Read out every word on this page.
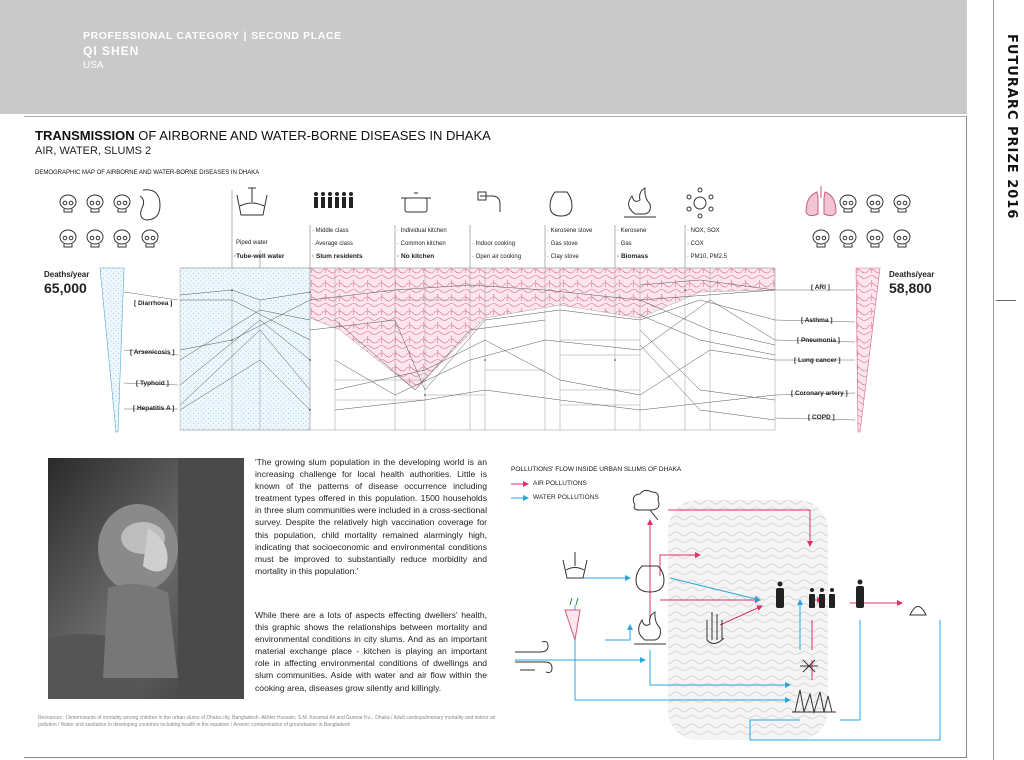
PROFESSIONAL CATEGORY | SECOND PLACE
QI SHEN
USA	FUTURARC PRIZE 2016
TRANSMISSION OF AIRBORNE AND WATER-BORNE DISEASES IN DHAKA
AIR, WATER, SLUMS 2
DEMOGRAPHIC MAP OF AIRBORNE AND WATER-BORNE DISEASES IN DHAKA
'The growing slum population in the developing world is an increasing challenge for local health authorities. Little is known of the patterns of disease occurrence including treatment types offered in this population. 1500 households in three slum communities were included in a cross-sectional survey. Despite the relatively high vaccination coverage for this population, child mortality remained alarmingly high, indicating that socioeconomic and environmental conditions must be improved to substantially reduce morbidity and mortality in this population.'
While there are a lots of aspects effecting dwellers' health, this graphic shows the relationships between mortality and environmental conditions in city slums. And as an important material exchange place - kitchen is playing an important role in affecting environmental conditions of dwellings and slum communities. Aside with water and air flow within the cooking area, diseases grow silently and killingly.
Resources : Determinants of mortality among children in the urban slums of Dhaka city, Bangladesh. Akhter Hussain, S.M. Keramat Ali and Gunnar Kv... Dhaka / Adult cardiopulmonary mortality and indoor air pollution / Water and sanitation in developing countries including health in the equation / Arsenic contamination of groundwater in Bangladesh
Deaths/year
65,000
Deaths/year
58,800
[ Diarrhoea ]
[ Arsenicosis ]
[ Typhoid ]
[ Hepatitis A ]
[ ARI ]
[ Asthma ]
[ Pneumonia ]
[ Lung cancer ]
[ Coronary artery ]
[ COPD ]
Piped water
·Tube-well water
· Middle class
· Average class
· Slum residents
· Individual kitchen
· Common kitchen
· No kitchen
· Indoor cooking
· Open air cooking
· Kerosene stove
· Gas stove
· Clay stove
· Kerosene
· Gas
· Biomass
· NOX, SOX
· COX
· PM10, PM2.5
POLLUTIONS' FLOW INSIDE URBAN SLUMS OF DHAKA
AIR POLLUTIONS
WATER POLLUTIONS
